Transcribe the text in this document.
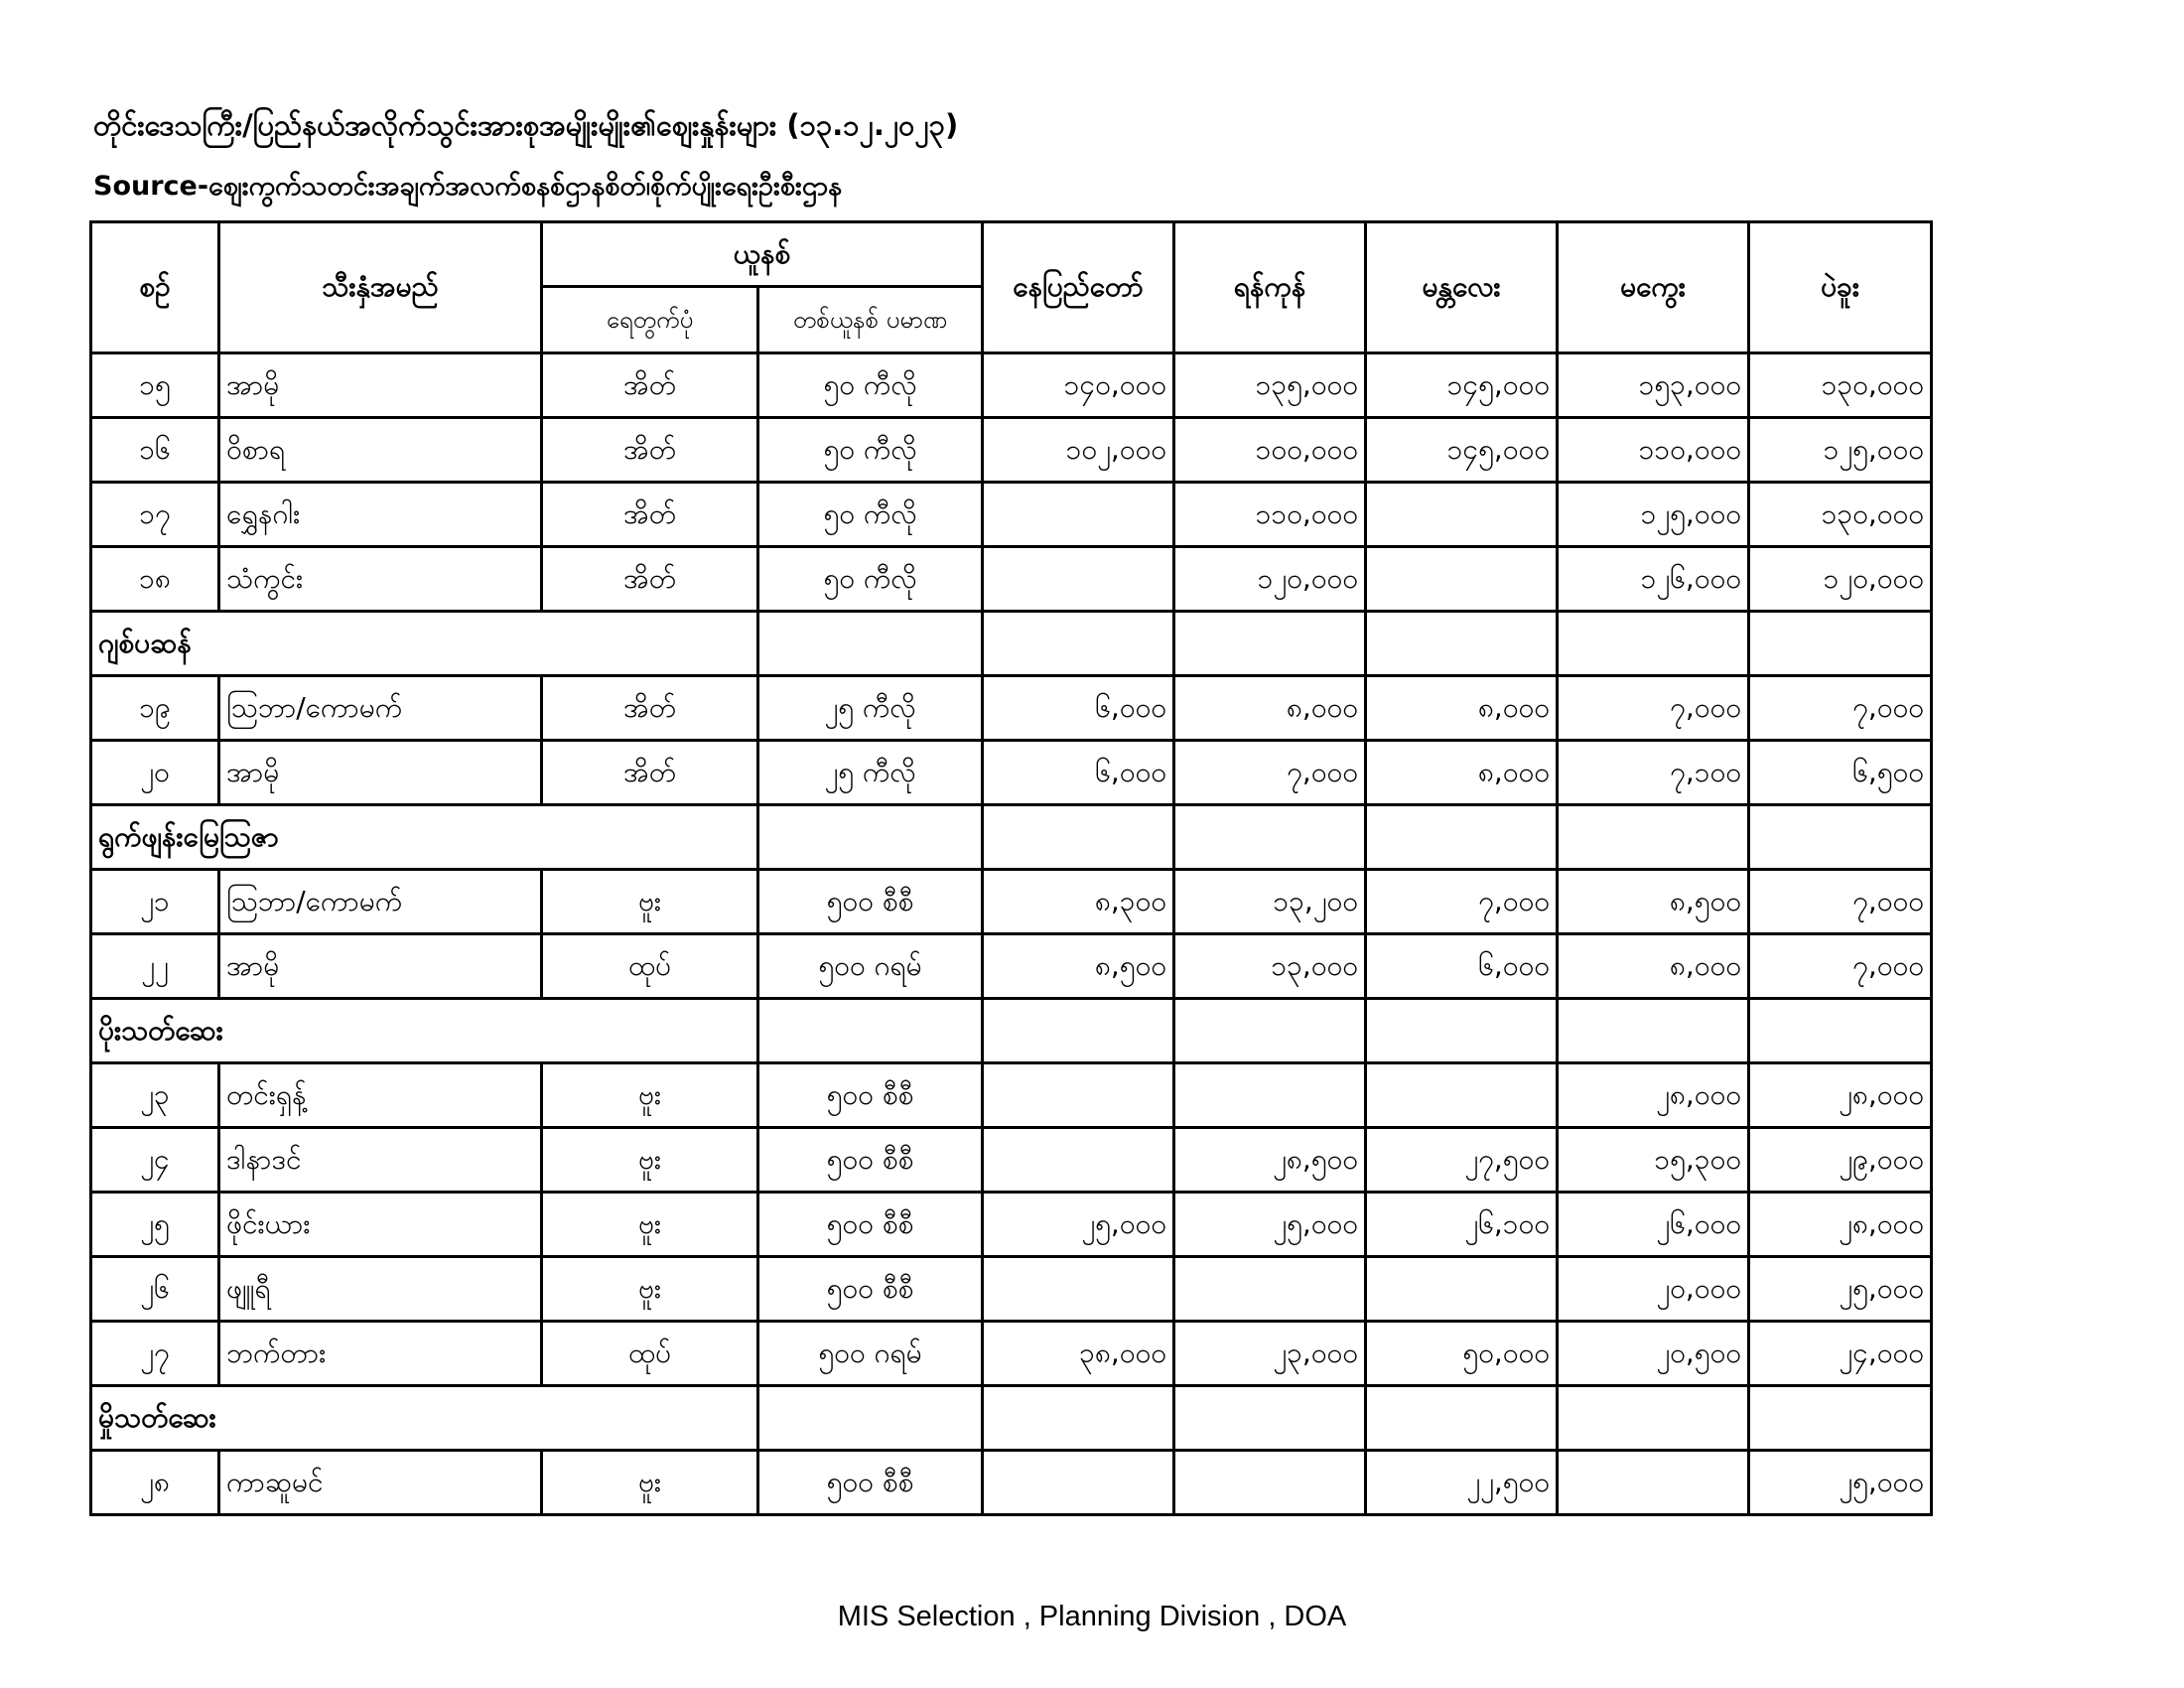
တိုင်းဒေသကြီး/ပြည်နယ်အလိုက်သွင်းအားစုအမျိုးမျိုး၏ဈေးနှုန်းများ (၁၃.၁၂.၂၀၂၃)
Source-ဈေးကွက်သတင်းအချက်အလက်စနစ်ဌာနစိတ်၊စိုက်ပျိုးရေးဦးစီးဌာန
စဉ်	သီးနှံအမည်	ယူနစ်		နေပြည်တော်	ရန်ကုန်	မန္တလေး	မကွေး	ပဲခူး
		ရေတွက်ပုံ	တစ်ယူနစ် ပမာဏ					
၁၅	အာမို	အိတ်	၅၀ ကီလို	၁၄၀,၀၀၀	၁၃၅,၀၀၀	၁၄၅,၀၀၀	၁၅၃,၀၀၀	၁၃၀,၀၀၀
၁၆	ဝိစာရ	အိတ်	၅၀ ကီလို	၁၀၂,၀၀၀	၁၀၀,၀၀၀	၁၄၅,၀၀၀	၁၁၀,၀၀၀	၁၂၅,၀၀၀
၁၇	ရွှေနဂါး	အိတ်	၅၀ ကီလို		၁၁၀,၀၀၀		၁၂၅,၀၀၀	၁၃၀,၀၀၀
၁၈	သံကွင်း	အိတ်	၅၀ ကီလို		၁၂၀,၀၀၀		၁၂၆,၀၀၀	၁၂၀,၀၀၀
ဂျစ်ပဆန်								
၁၉	သြဘာ/ကောမက်	အိတ်	၂၅ ကီလို	၆,၀၀၀	၈,၀၀၀	၈,၀၀၀	၇,၀၀၀	၇,၀၀၀
၂၀	အာမို	အိတ်	၂၅ ကီလို	၆,၀၀၀	၇,၀၀၀	၈,၀၀၀	၇,၁၀၀	၆,၅၀၀
ရွက်ဖျန်းမြေသြဇာ								
၂၁	သြဘာ/ကောမက်	ဗူး	၅၀၀ စီစီ	၈,၃၀၀	၁၃,၂၀၀	၇,၀၀၀	၈,၅၀၀	၇,၀၀၀
၂၂	အာမို	ထုပ်	၅၀၀ ဂရမ်	၈,၅၀၀	၁၃,၀၀၀	၆,၀၀၀	၈,၀၀၀	၇,၀၀၀
ပိုးသတ်ဆေး								
၂၃	တင်းရှန့်	ဗူး	၅၀၀ စီစီ				၂၈,၀၀၀	၂၈,၀၀၀
၂၄	ဒါနာဒင်	ဗူး	၅၀၀ စီစီ		၂၈,၅၀၀	၂၇,၅၀၀	၁၅,၃၀၀	၂၉,၀၀၀
၂၅	ဖိုင်းယား	ဗူး	၅၀၀ စီစီ	၂၅,၀၀၀	၂၅,၀၀၀	၂၆,၁၀၀	၂၆,၀၀၀	၂၈,၀၀၀
၂၆	ဖျူရီ	ဗူး	၅၀၀ စီစီ				၂၀,၀၀၀	၂၅,၀၀၀
၂၇	ဘက်တား	ထုပ်	၅၀၀ ဂရမ်	၃၈,၀၀၀	၂၃,၀၀၀	၅၀,၀၀၀	၂၀,၅၀၀	၂၄,၀၀၀
မှိုသတ်ဆေး								
၂၈	ကာဆူမင်	ဗူး	၅၀၀ စီစီ			၂၂,၅၀၀		၂၅,၀၀၀
MIS Selection , Planning Division , DOA
